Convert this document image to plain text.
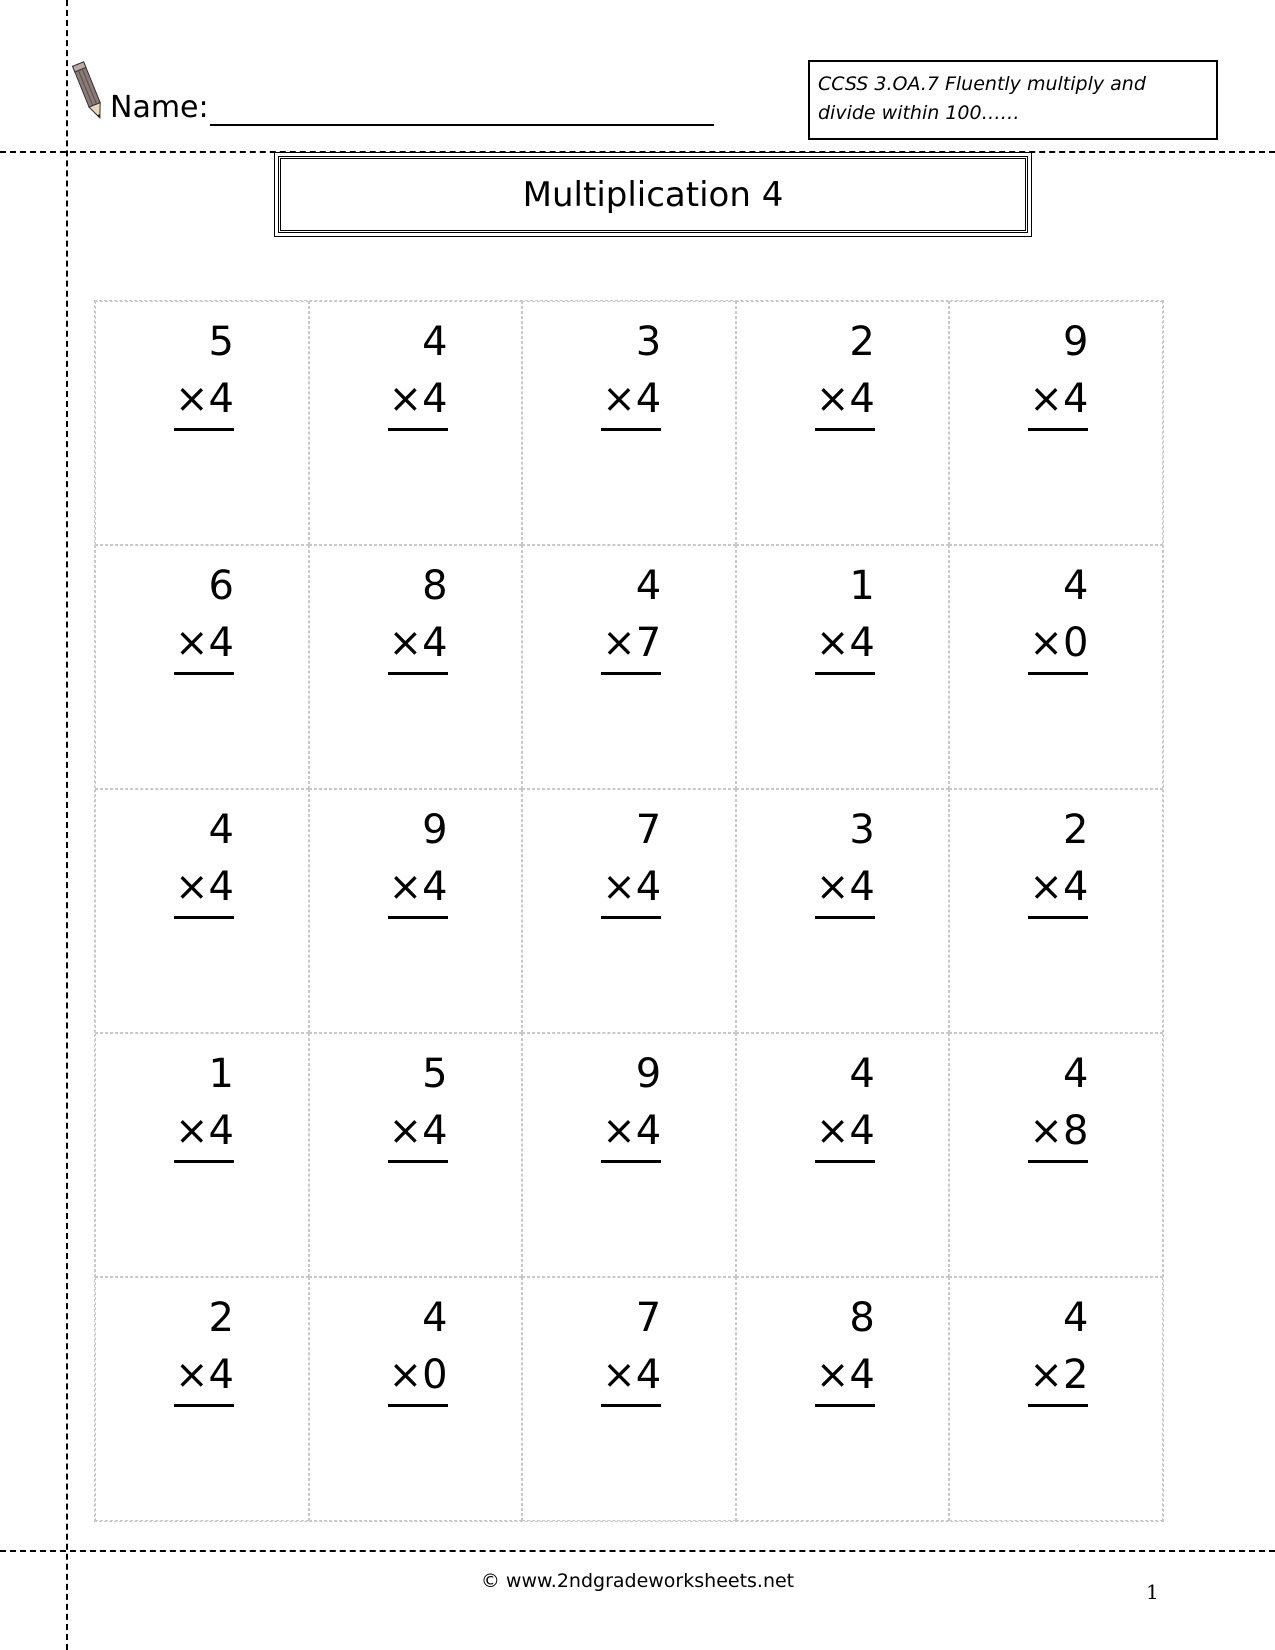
Name:
CCSS 3.OA.7 Fluently multiply and divide within 100……
Multiplication 4
5
×4
4
×4
3
×4
2
×4
9
×4
6
×4
8
×4
4
×7
1
×4
4
×0
4
×4
9
×4
7
×4
3
×4
2
×4
1
×4
5
×4
9
×4
4
×4
4
×8
2
×4
4
×0
7
×4
8
×4
4
×2
© www.2ndgradeworksheets.net	1
